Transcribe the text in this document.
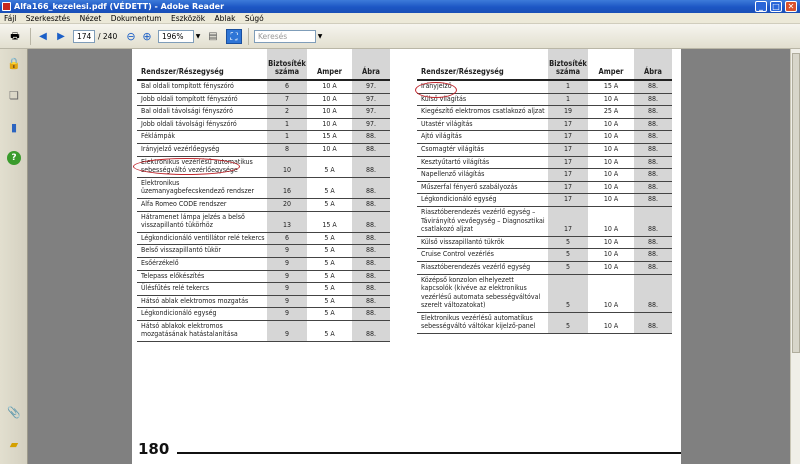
Alfa166_kezelesi.pdf (VÉDETT) - Adobe Reader	_	□ ✕
Fájl Szerkesztés Nézet Dokumentum Eszközök Ablak Súgó
🖶	◀	▶	174 / 240 ⊖ ⊕	196%	▼ ▤	⛶	Keresés	▼
🔒
❏
▮
?
📎
▰
Rendszer/Részegység	Biztosíték száma	Amper	Ábra
Bal oldali tompított fényszóró	6	10 A	97.
Jobb oldali tompított fényszóró	7	10 A	97.
Bal oldali távolsági fényszóró	2	10 A	97.
Jobb oldali távolsági fényszóró	1	10 A	97.
Féklámpák	1	15 A	88.
Irányjelző vezérlőegység	8	10 A	88.
Elektronikus vezérlésű automatikus sebességváltó vezérlőegysége	10	5 A	88.
Elektronikus üzemanyagbefecskendező rendszer	16	5 A	88.
Alfa Romeo CODE rendszer	20	5 A	88.
Hátramenet lámpa jelzés a belső visszapillantó tükörhöz	13	15 A	88.
Légkondicionáló ventillátor relé tekercs	6	5 A	88.
Belső visszapillantó tükör	9	5 A	88.
Esőérzékelő	9	5 A	88.
Telepass előkészítés	9	5 A	88.
Ülésfűtés relé tekercs	9	5 A	88.
Hátsó ablak elektromos mozgatás	9	5 A	88.
Légkondicionáló egység	9	5 A	88.
Hátsó ablakok elektromos mozgatásának hatástalanítása	9	5 A	88.
Rendszer/Részegység	Biztosíték száma	Amper	Ábra
Irányjelző	1	15 A	88.
Külső világítás	1	10 A	88.
Kiegészítő elektromos csatlakozó aljzat	19	25 A	88.
Utastér világítás	17	10 A	88.
Ajtó világítás	17	10 A	88.
Csomagtér világítás	17	10 A	88.
Kesztyűtartó világítás	17	10 A	88.
Napellenző világítás	17	10 A	88.
Műszerfal fényerő szabályozás	17	10 A	88.
Légkondicionáló egység	17	10 A	88.
Riasztóberendezés vezérlő egység – Távirányító vevőegység – Diagnosztikai csatlakozó aljzat	17	10 A	88.
Külső visszapillantó tükrök	5	10 A	88.
Cruise Control vezérlés	5	10 A	88.
Riasztóberendezés vezérlő egység	5	10 A	88.
Középső konzolon elhelyezett kapcsolók (kivéve az elektronikus vezérlésű automata sebességváltóval szerelt változatokat)	5	10 A	88.
Elektronikus vezérlésű automatikus sebességváltó váltókar kijelző-panel	5	10 A	88.
180
